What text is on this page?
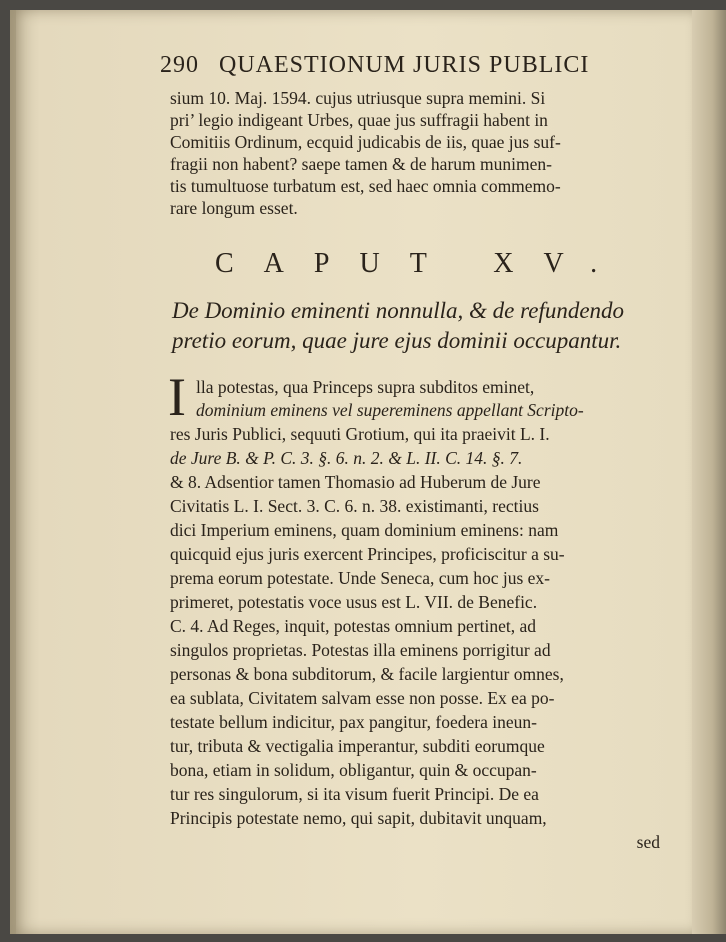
290 QUAESTIONUM JURIS PUBLICI
sium 10. Maj. 1594. cujus utriusque supra memini. Si
pri’ legio indigeant Urbes, quae jus suffragii habent in
Comitiis Ordinum, ecquid judicabis de iis, quae jus suf-
fragii non habent? saepe tamen & de harum munimen-
tis tumultuose turbatum est, sed haec omnia commemo-
rare longum esset.
CAPUT XV.
De Dominio eminenti nonnulla, & de refundendo
pretio eorum, quae jure ejus dominii occupantur.
I lla potestas, qua Princeps supra subditos eminet,
dominium eminens vel supereminens appellant Scripto-
res Juris Publici, sequuti Grotium, qui ita praeivit L. I.
de Jure B. & P. C. 3. §. 6. n. 2. & L. II. C. 14. §. 7.
& 8. Adsentior tamen Thomasio ad Huberum de Jure
Civitatis L. I. Sect. 3. C. 6. n. 38. existimanti, rectius
dici Imperium eminens, quam dominium eminens: nam
quicquid ejus juris exercent Principes, proficiscitur a su-
prema eorum potestate. Unde Seneca, cum hoc jus ex-
primeret, potestatis voce usus est L. VII. de Benefic.
C. 4. Ad Reges, inquit, potestas omnium pertinet, ad
singulos proprietas. Potestas illa eminens porrigitur ad
personas & bona subditorum, & facile largientur omnes,
ea sublata, Civitatem salvam esse non posse. Ex ea po-
testate bellum indicitur, pax pangitur, foedera ineun-
tur, tributa & vectigalia imperantur, subditi eorumque
bona, etiam in solidum, obligantur, quin & occupan-
tur res singulorum, si ita visum fuerit Principi. De ea
Principis potestate nemo, qui sapit, dubitavit unquam,
sed
